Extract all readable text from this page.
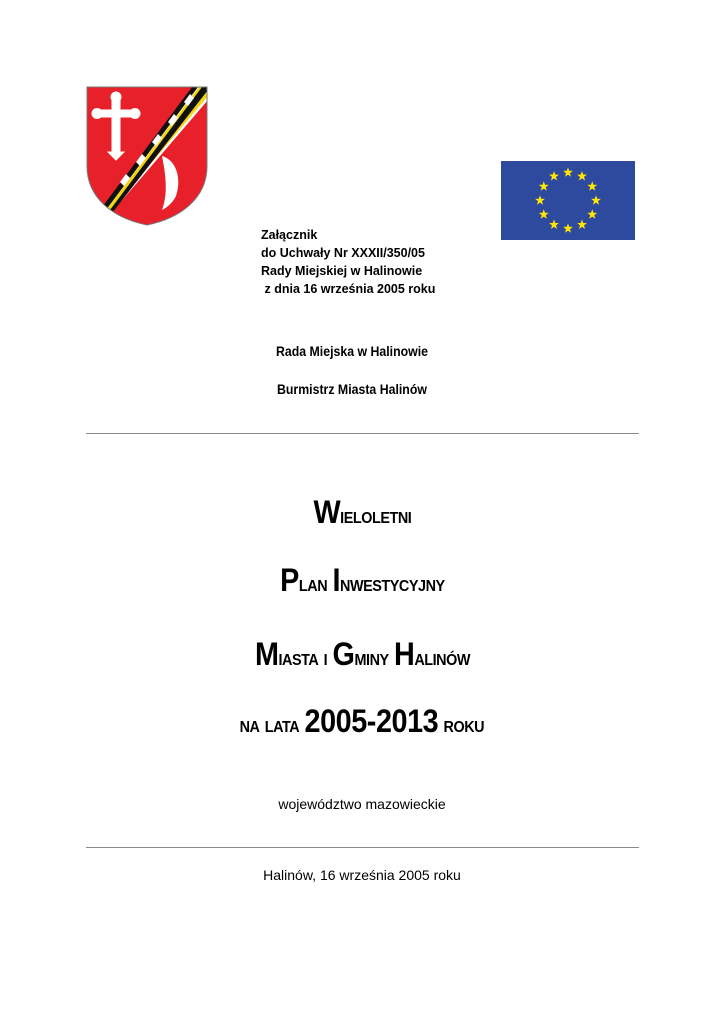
Załącznik
do Uchwały Nr XXXII/350/05
Rady Miejskiej w Halinowie
z dnia 16 września 2005 roku
Rada Miejska w Halinowie
Burmistrz Miasta Halinów
Wieloletni
Plan Inwestycyjny
Miasta i Gminy Halinów
na lata 2005-2013 roku
województwo mazowieckie
Halinów, 16 września 2005 roku
